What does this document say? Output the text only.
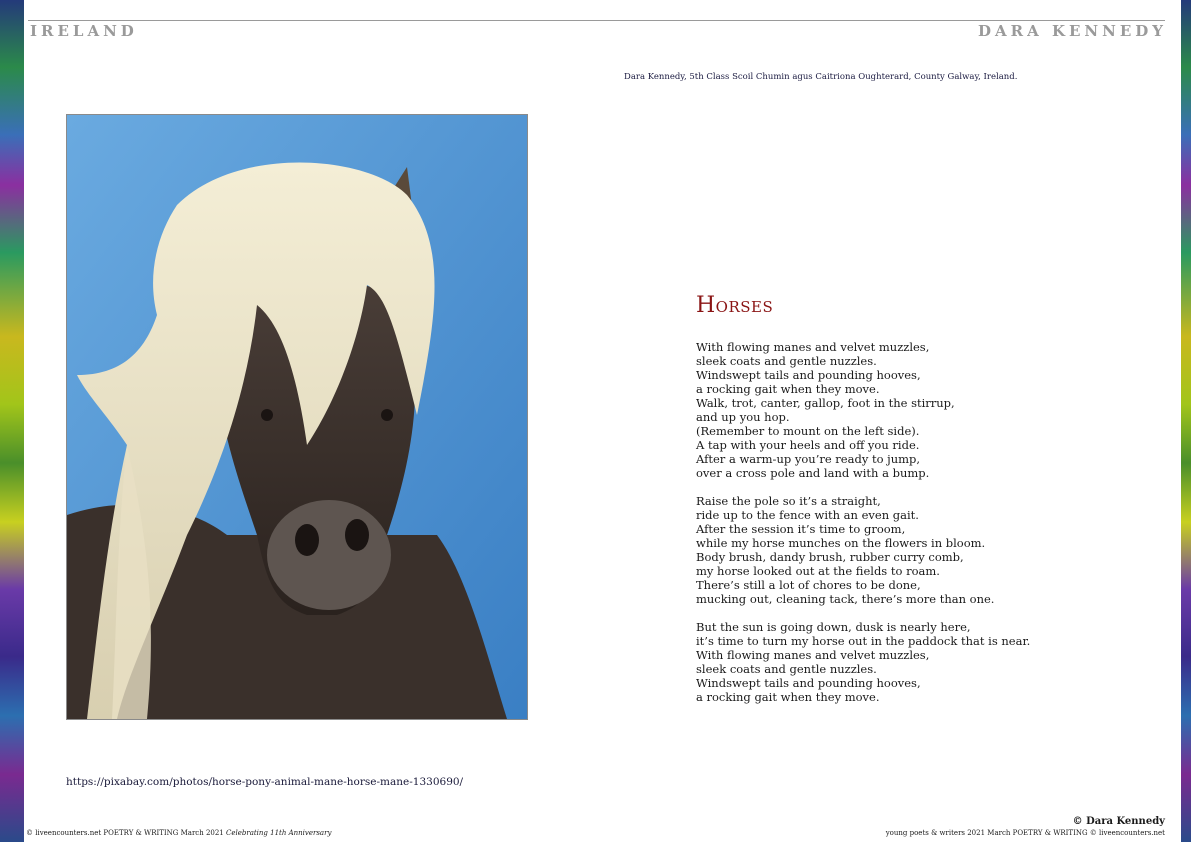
IRELAND	DARA KENNEDY
Dara Kennedy, 5th Class Scoil Chumin agus Caitriona Oughterard, County Galway, Ireland.
https://pixabay.com/photos/horse-pony-animal-mane-horse-mane-1330690/
Horses
With flowing manes and velvet muzzles,
sleek coats and gentle nuzzles.
Windswept tails and pounding hooves,
a rocking gait when they move.
Walk, trot, canter, gallop, foot in the stirrup,
and up you hop.
(Remember to mount on the left side).
A tap with your heels and off you ride.
After a warm-up you’re ready to jump,
over a cross pole and land with a bump.
Raise the pole so it’s a straight,
ride up to the fence with an even gait.
After the session it’s time to groom,
while my horse munches on the flowers in bloom.
Body brush, dandy brush, rubber curry comb,
my horse looked out at the fields to roam.
There’s still a lot of chores to be done,
mucking out, cleaning tack, there’s more than one.
But the sun is going down, dusk is nearly here,
it’s time to turn my horse out in the paddock that is near.
With flowing manes and velvet muzzles,
sleek coats and gentle nuzzles.
Windswept tails and pounding hooves,
a rocking gait when they move.
© Dara Kennedy
© liveencounters.net POETRY & WRITING March 2021 Celebrating 11th Anniversary	young poets & writers 2021 March POETRY & WRITING © liveencounters.net
